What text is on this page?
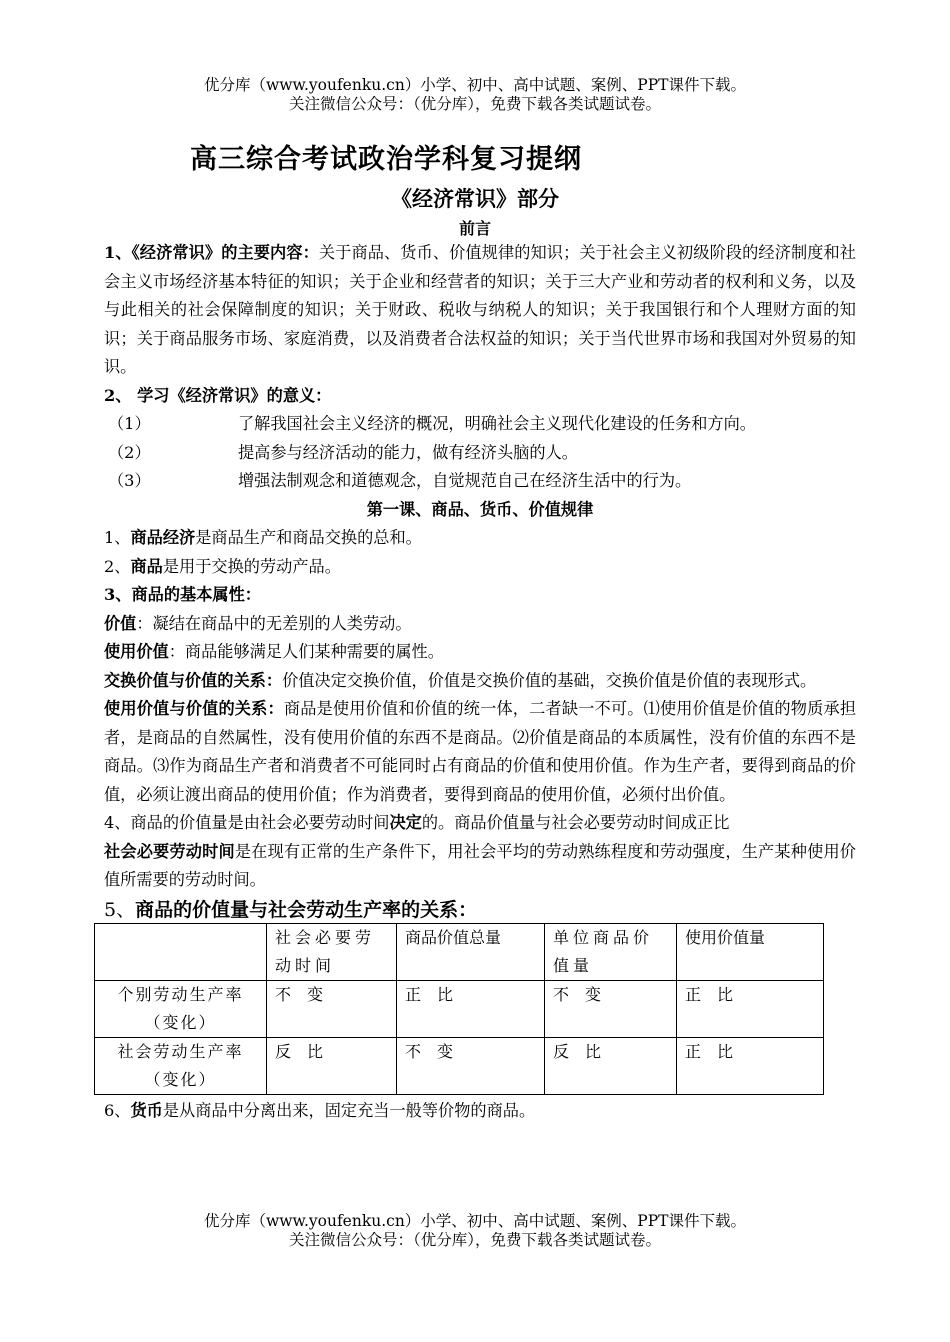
优分库（www.youfenku.cn）小学、初中、高中试题、案例、PPT课件下载。
关注微信公众号：（优分库），免费下载各类试题试卷。
高三综合考试政治学科复习提纲
《经济常识》部分
前言

1、《经济常识》的主要内容：关于商品、货币、价值规律的知识；关于社会主义初级阶段的经济制度和社会主义市场经济基本特征的知识；关于企业和经营者的知识；关于三大产业和劳动者的权利和义务，以及与此相关的社会保障制度的知识；关于财政、税收与纳税人的知识；关于我国银行和个人理财方面的知识；关于商品服务市场、家庭消费，以及消费者合法权益的知识；关于当代世界市场和我国对外贸易的知识。

2、 学习《经济常识》的意义：

（1）	了解我国社会主义经济的概况，明确社会主义现代化建设的任务和方向。
（2）	提高参与经济活动的能力，做有经济头脑的人。
（3）	增强法制观念和道德观念，自觉规范自己在经济生活中的行为。

第一课、商品、货币、价值规律

1、商品经济是商品生产和商品交换的总和。

2、商品是用于交换的劳动产品。

3、商品的基本属性：

价值：凝结在商品中的无差别的人类劳动。

使用价值：商品能够满足人们某种需要的属性。

交换价值与价值的关系：价值决定交换价值，价值是交换价值的基础，交换价值是价值的表现形式。

使用价值与价值的关系：商品是使用价值和价值的统一体，二者缺一不可。⑴使用价值是价值的物质承担者，是商品的自然属性，没有使用价值的东西不是商品。⑵价值是商品的本质属性，没有价值的东西不是商品。⑶作为商品生产者和消费者不可能同时占有商品的价值和使用价值。作为生产者，要得到商品的价值，必须让渡出商品的使用价值；作为消费者，要得到商品的使用价值，必须付出价值。

4、商品的价值量是由社会必要劳动时间决定的。商品价值量与社会必要劳动时间成正比

社会必要劳动时间是在现有正常的生产条件下，用社会平均的劳动熟练程度和劳动强度，生产某种使用价值所需要的劳动时间。

5、商品的价值量与社会劳动生产率的关系：

	社会必要劳动时间	商品价值总量	单位商品价值量	使用价值量
个别劳动生产率（变化）	不　变	正　比	不　变	正　比
社会劳动生产率（变化）	反　比	不　变	反　比	正　比

6、货币是从商品中分离出来，固定充当一般等价物的商品。

优分库（www.youfenku.cn）小学、初中、高中试题、案例、PPT课件下载。
关注微信公众号：（优分库），免费下载各类试题试卷。
